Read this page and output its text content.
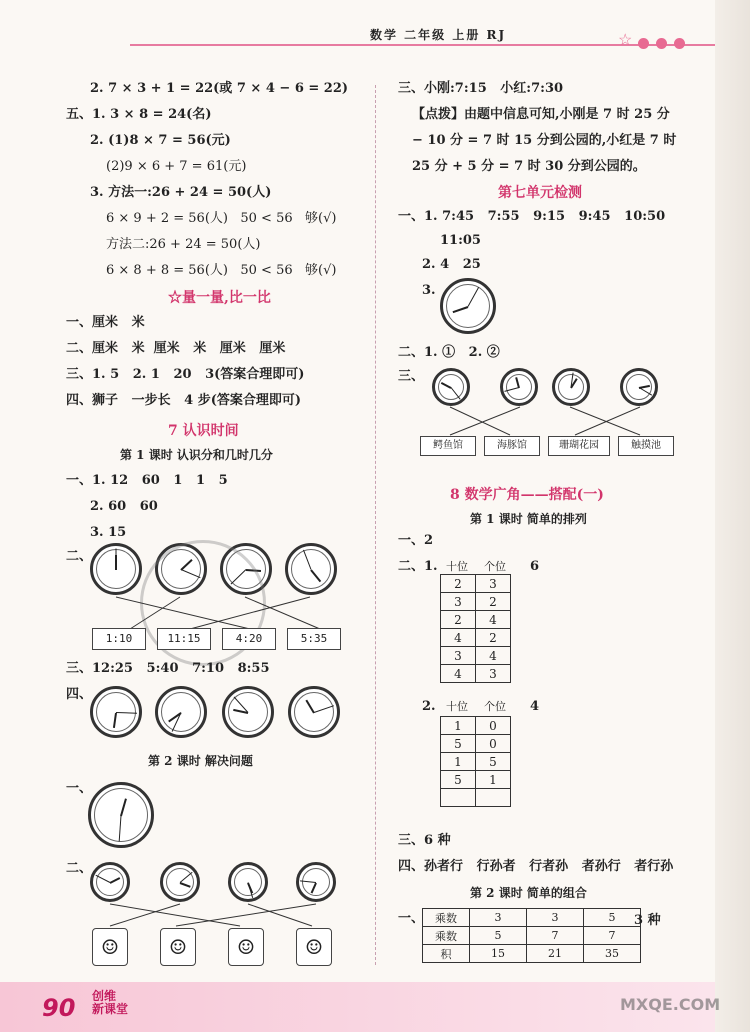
数学 二年级 上册 RJ	☆
2. 7 × 3 + 1 = 22(或 7 × 4 − 6 = 22)
五、1. 3 × 8 = 24(名)
2. (1)8 × 7 = 56(元)
(2)9 × 6 + 7 = 61(元)
3. 方法一:26 + 24 = 50(人)
6 × 9 + 2 = 56(人)   50 < 56   够(√)
方法二:26 + 24 = 50(人)
6 × 8 + 8 = 56(人)   50 < 56   够(√)
☆量一量,比一比
一、厘米   米
二、厘米   米  厘米   米   厘米   厘米
三、1. 5   2. 1   20   3(答案合理即可)
四、狮子   一步长   4 步(答案合理即可)
7 认识时间
第 1 课时 认识分和几时几分
一、1. 12   60   1   1   5
2. 60   60
3. 15
二、
1:10	11:15	4:20	5:35
三、12:25   5:40   7:10   8:55
四、
第 2 课时 解决问题
一、
二、
☺	☺	☺	☺
三、小刚:7:15   小红:7:30
【点拨】由题中信息可知,小刚是 7 时 25 分
− 10 分 = 7 时 15 分到公园的,小红是 7 时
25 分 + 5 分 = 7 时 30 分到公园的。
第七单元检测
一、1. 7:45   7:55   9:15   9:45   10:50
11:05
2. 4   25
3.
二、1. ①   2. ②
三、
鳄鱼馆	海豚馆	珊瑚花园	触摸池
8 数学广角——搭配(一)
第 1 课时 简单的排列
一、2
二、1. 十位 个位 6
2	3
3	2
2	4
4	2
3	4
4	3
2. 十位 个位 4
1	0
5	0
1	5
5	1

三、6 种
四、孙者行   行孙者   行者孙   者孙行   者行孙
第 2 课时 简单的组合
一、 乘数	3	3	5
乘数	5	7	7
积	15	21	35
3 种
90 创维
新课堂	MXQE.COM
